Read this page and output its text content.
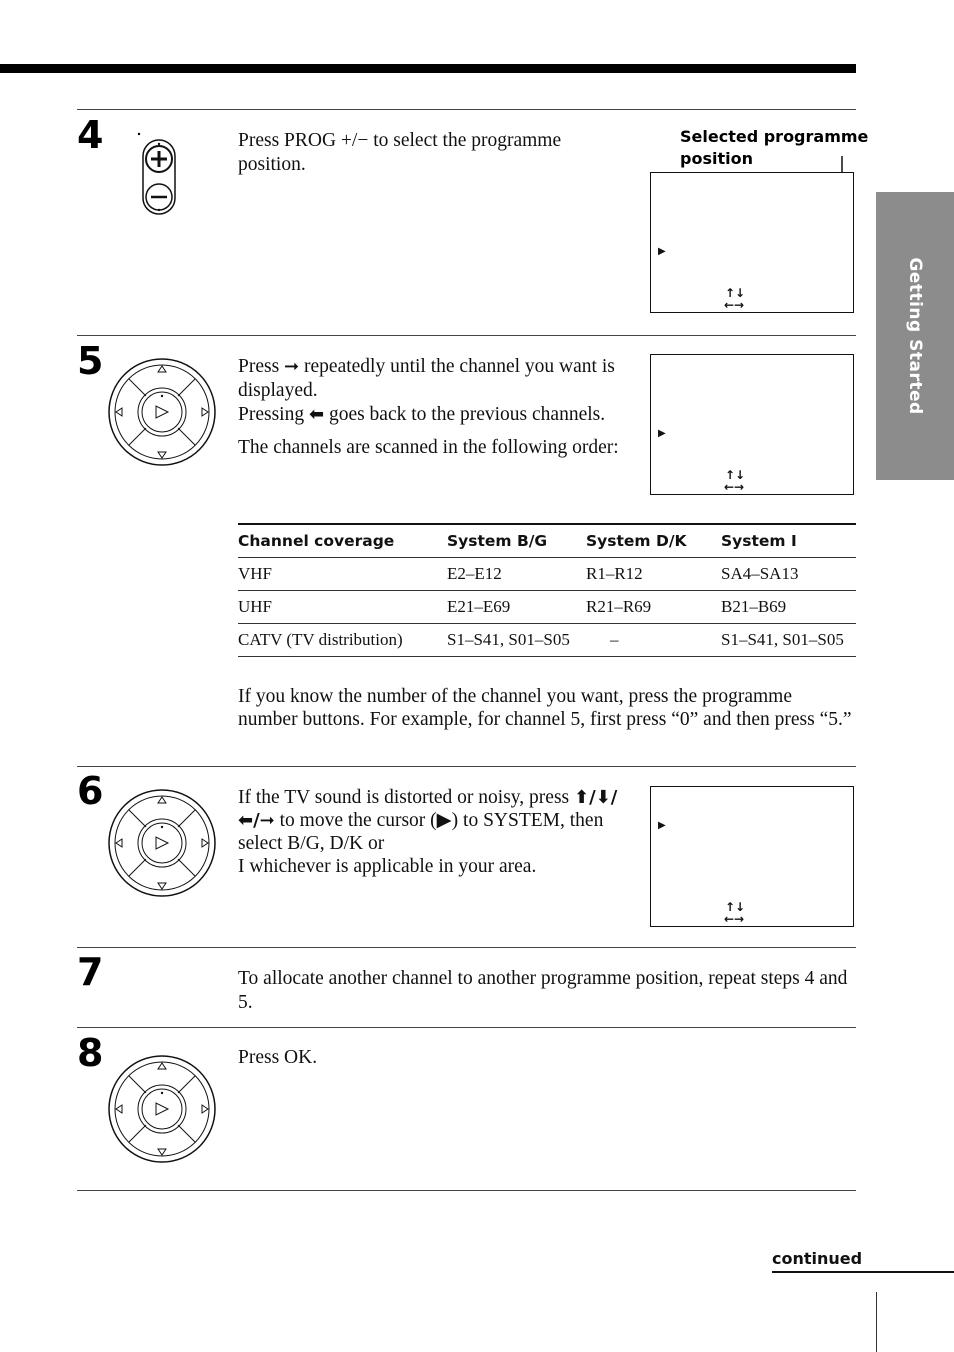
Getting Started
4	Press PROG +/− to select the programme position.

Selected programme
position
▶
↑↓
←→
5	Press ➞ repeatedly until the channel you want is displayed.

Pressing ⬅ goes back to the previous channels.

The channels are scanned in the following order:

▶
↑↓
←→
Channel coverage	System B/G	System D/K	System I
VHF	E2–E12	R1–R12	SA4–SA13
UHF	E21–E69	R21–R69	B21–B69
CATV (TV distribution)	S1–S41, S01–S05	–	S1–S41, S01–S05

If you know the number of the channel you want, press the programme number buttons. For example, for channel 5, first press “0” and then press “5.”

6	If the TV sound is distorted or noisy, press ⬆/⬇/⬅/➞ to move the cursor (▶) to SYSTEM, then select B/G, D/K or

I whichever is applicable in your area.

▶
↑↓
←→
7	To allocate another channel to another programme position, repeat steps 4 and 5.

8	Press OK.

continued
